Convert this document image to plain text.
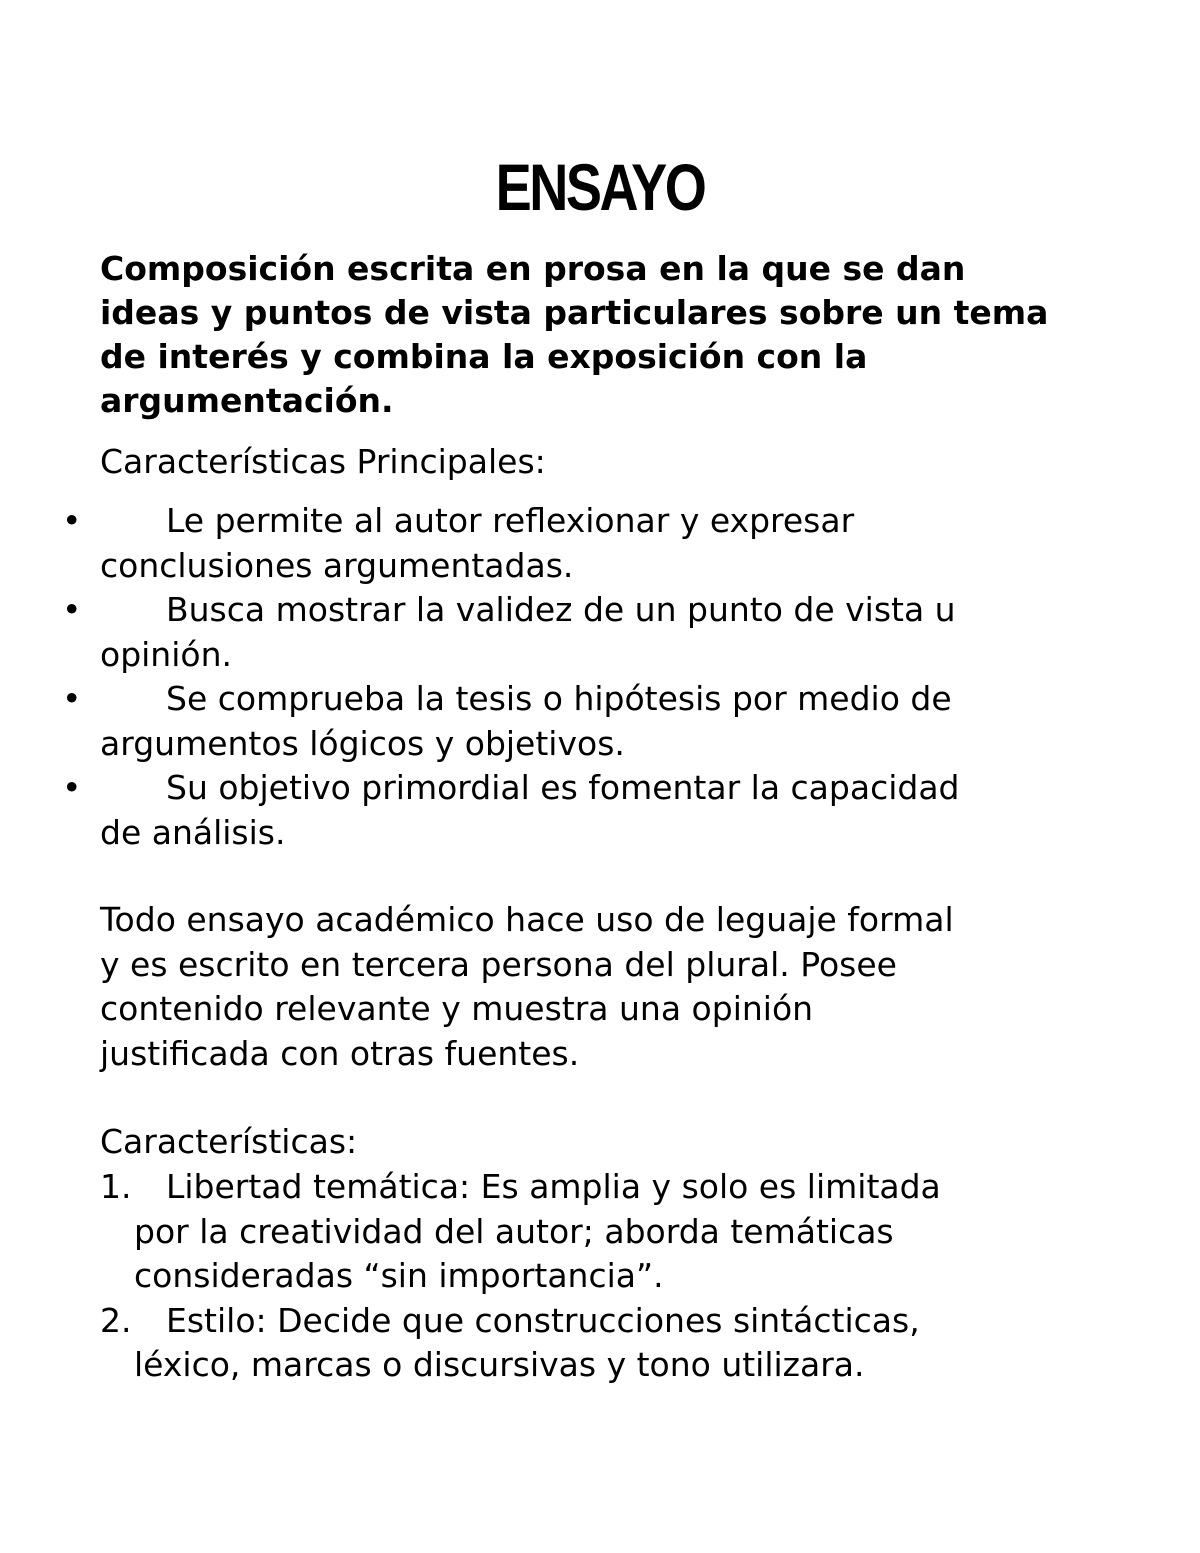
ENSAYO

Composición escrita en prosa en la que se dan ideas y puntos de vista particulares sobre un tema de interés y combina la exposición con la argumentación.

Características Principales:

•	Le permite al autor reflexionar y expresar
conclusiones argumentadas.
•	Busca mostrar la validez de un punto de vista u
opinión.
•	Se comprueba la tesis o hipótesis por medio de
argumentos lógicos y objetivos.
•	Su objetivo primordial es fomentar la capacidad
de análisis.

Todo ensayo académico hace uso de leguaje formal
y es escrito en tercera persona del plural. Posee
contenido relevante y muestra una opinión
justificada con otras fuentes.

Características:

1. Libertad temática: Es amplia y solo es limitada
por la creatividad del autor; aborda temáticas
consideradas “sin importancia”.
2. Estilo: Decide que construcciones sintácticas,
léxico, marcas o discursivas y tono utilizara.
